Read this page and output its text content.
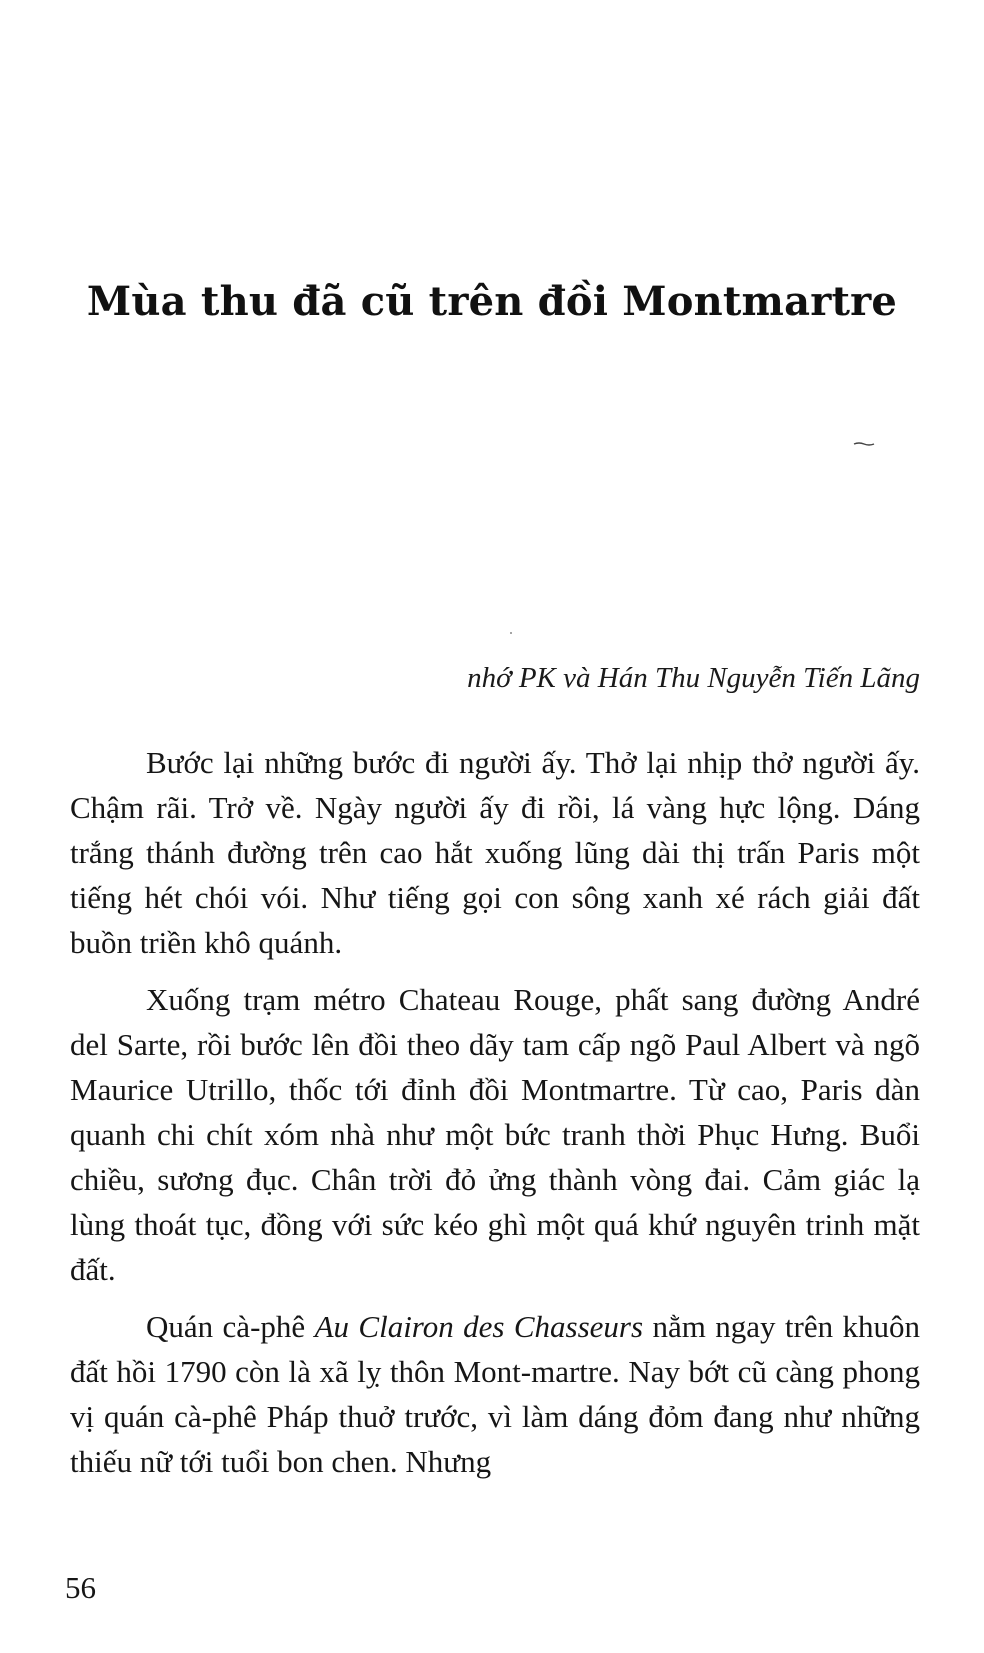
Mùa thu đã cũ trên đồi Montmartre

nhớ PK và Hán Thu Nguyễn Tiến Lãng

Bước lại những bước đi người ấy. Thở lại nhịp thở người ấy. Chậm rãi. Trở về. Ngày người ấy đi rồi, lá vàng hực lộng. Dáng trắng thánh đường trên cao hắt xuống lũng dài thị trấn Paris một tiếng hét chói vói. Như tiếng gọi con sông xanh xé rách giải đất buồn triền khô quánh.

Xuống trạm métro Chateau Rouge, phất sang đường André del Sarte, rồi bước lên đồi theo dãy tam cấp ngõ Paul Albert và ngõ Maurice Utrillo, thốc tới đỉnh đồi Montmartre. Từ cao, Paris dàn quanh chi chít xóm nhà như một bức tranh thời Phục Hưng. Buổi chiều, sương đục. Chân trời đỏ ửng thành vòng đai. Cảm giác lạ lùng thoát tục, đồng với sức kéo ghì một quá khứ nguyên trinh mặt đất.

Quán cà-phê Au Clairon des Chasseurs nằm ngay trên khuôn đất hồi 1790 còn là xã lỵ thôn Mont-martre. Nay bớt cũ càng phong vị quán cà-phê Pháp thuở trước, vì làm dáng đỏm đang như những thiếu nữ tới tuổi bon chen. Nhưng

56
